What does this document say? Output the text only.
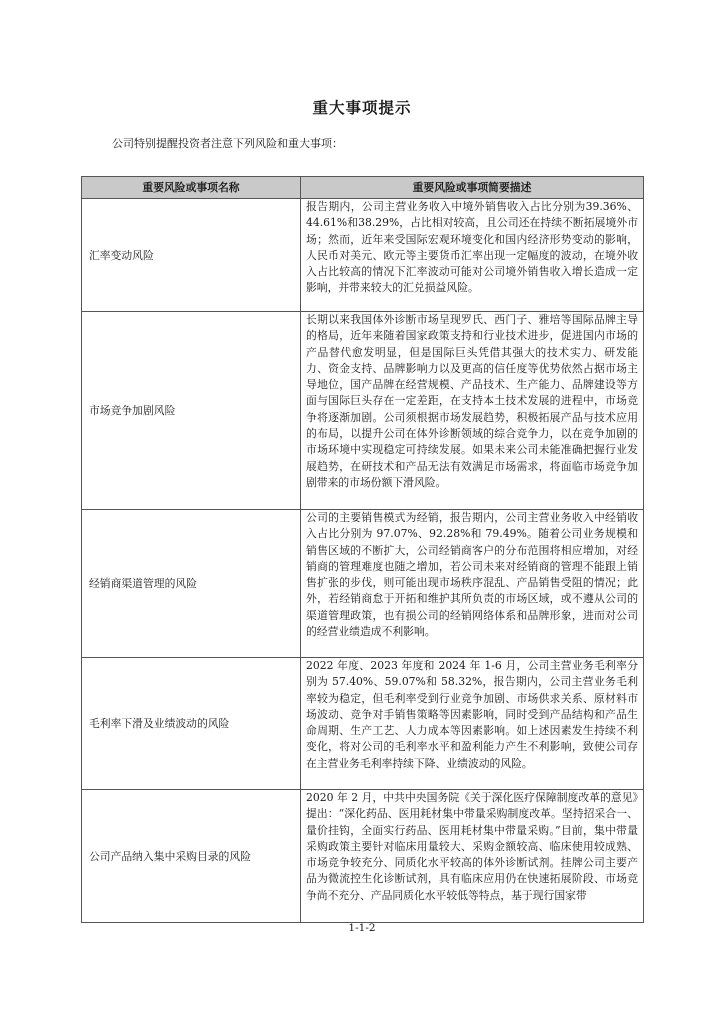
重大事项提示
公司特别提醒投资者注意下列风险和重大事项：
重要风险或事项名称	重要风险或事项简要描述
汇率变动风险	报告期内，公司主营业务收入中境外销售收入占比分别为39.36%、44.61%和38.29%，占比相对较高，且公司还在持续不断拓展境外市场；然而，近年来受国际宏观环境变化和国内经济形势变动的影响，人民币对美元、欧元等主要货币汇率出现一定幅度的波动，在境外收入占比较高的情况下汇率波动可能对公司境外销售收入增长造成一定影响，并带来较大的汇兑损益风险。
市场竞争加剧风险	长期以来我国体外诊断市场呈现罗氏、西门子、雅培等国际品牌主导的格局，近年来随着国家政策支持和行业技术进步，促进国内市场的产品替代愈发明显，但是国际巨头凭借其强大的技术实力、研发能力、资金支持、品牌影响力以及更高的信任度等优势依然占据市场主导地位，国产品牌在经营规模、产品技术、生产能力、品牌建设等方面与国际巨头存在一定差距，在支持本土技术发展的进程中，市场竞争将逐渐加剧。公司须根据市场发展趋势，积极拓展产品与技术应用的布局，以提升公司在体外诊断领域的综合竞争力，以在竞争加剧的市场环境中实现稳定可持续发展。如果未来公司未能准确把握行业发展趋势，在研技术和产品无法有效满足市场需求，将面临市场竞争加剧带来的市场份额下滑风险。
经销商渠道管理的风险	公司的主要销售模式为经销，报告期内，公司主营业务收入中经销收入占比分别为 97.07%、92.28%和 79.49%。随着公司业务规模和销售区域的不断扩大，公司经销商客户的分布范围将相应增加，对经销商的管理难度也随之增加，若公司未来对经销商的管理不能跟上销售扩张的步伐，则可能出现市场秩序混乱、产品销售受阻的情况；此外，若经销商怠于开拓和维护其所负责的市场区域，或不遵从公司的渠道管理政策，也有损公司的经销网络体系和品牌形象，进而对公司的经营业绩造成不利影响。
毛利率下滑及业绩波动的风险	2022 年度、2023 年度和 2024 年 1-6 月，公司主营业务毛利率分别为 57.40%、59.07%和 58.32%，报告期内，公司主营业务毛利率较为稳定，但毛利率受到行业竞争加剧、市场供求关系、原材料市场波动、竞争对手销售策略等因素影响，同时受到产品结构和产品生命周期、生产工艺、人力成本等因素影响。如上述因素发生持续不利变化，将对公司的毛利率水平和盈利能力产生不利影响，致使公司存在主营业务毛利率持续下降、业绩波动的风险。
公司产品纳入集中采购目录的风险	2020 年 2 月，中共中央国务院《关于深化医疗保障制度改革的意见》提出：“深化药品、医用耗材集中带量采购制度改革。坚持招采合一、量价挂钩，全面实行药品、医用耗材集中带量采购。”目前，集中带量采购政策主要针对临床用量较大、采购金额较高、临床使用较成熟、市场竞争较充分、同质化水平较高的体外诊断试剂。挂牌公司主要产品为微流控生化诊断试剂，具有临床应用仍在快速拓展阶段、市场竞争尚不充分、产品同质化水平较低等特点，基于现行国家带
1-1-2
